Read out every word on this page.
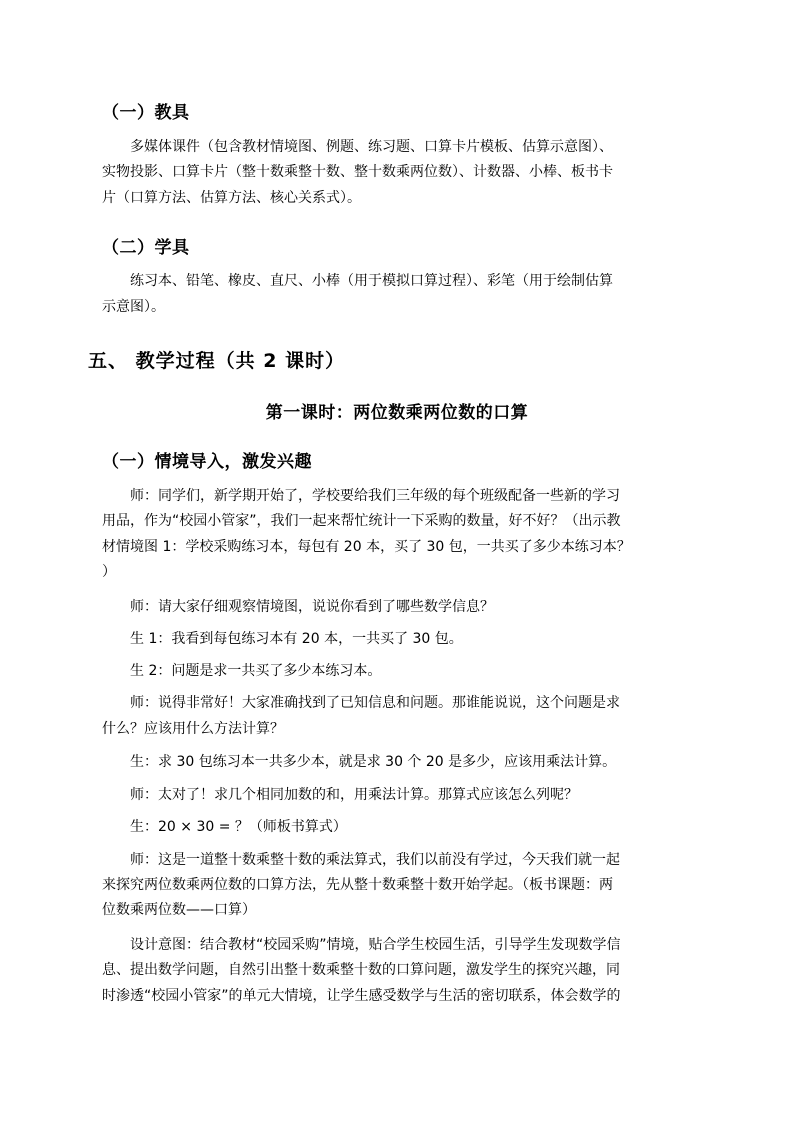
（一）教具
多媒体课件（包含教材情境图、例题、练习题、口算卡片模板、估算示意图）、
实物投影、口算卡片（整十数乘整十数、整十数乘两位数）、计数器、小棒、板书卡
片（口算方法、估算方法、核心关系式）。
（二）学具
练习本、铅笔、橡皮、直尺、小棒（用于模拟口算过程）、彩笔（用于绘制估算
示意图）。
五、 教学过程（共 2 课时）
第一课时：两位数乘两位数的口算
（一）情境导入，激发兴趣
师：同学们，新学期开始了，学校要给我们三年级的每个班级配备一些新的学习
用品，作为“校园小管家”，我们一起来帮忙统计一下采购的数量，好不好？（出示教
材情境图 1：学校采购练习本，每包有 20 本，买了 30 包，一共买了多少本练习本？
）
师：请大家仔细观察情境图，说说你看到了哪些数学信息？
生 1：我看到每包练习本有 20 本，一共买了 30 包。
生 2：问题是求一共买了多少本练习本。
师：说得非常好！大家准确找到了已知信息和问题。那谁能说说，这个问题是求
什么？应该用什么方法计算？
生：求 30 包练习本一共多少本，就是求 30 个 20 是多少，应该用乘法计算。
师：太对了！求几个相同加数的和，用乘法计算。那算式应该怎么列呢？
生：20 × 30 = ？（师板书算式）
师：这是一道整十数乘整十数的乘法算式，我们以前没有学过，今天我们就一起
来探究两位数乘两位数的口算方法，先从整十数乘整十数开始学起。（板书课题：两
位数乘两位数——口算）
设计意图：结合教材“校园采购”情境，贴合学生校园生活，引导学生发现数学信
息、提出数学问题，自然引出整十数乘整十数的口算问题，激发学生的探究兴趣，同
时渗透“校园小管家”的单元大情境，让学生感受数学与生活的密切联系，体会数学的
